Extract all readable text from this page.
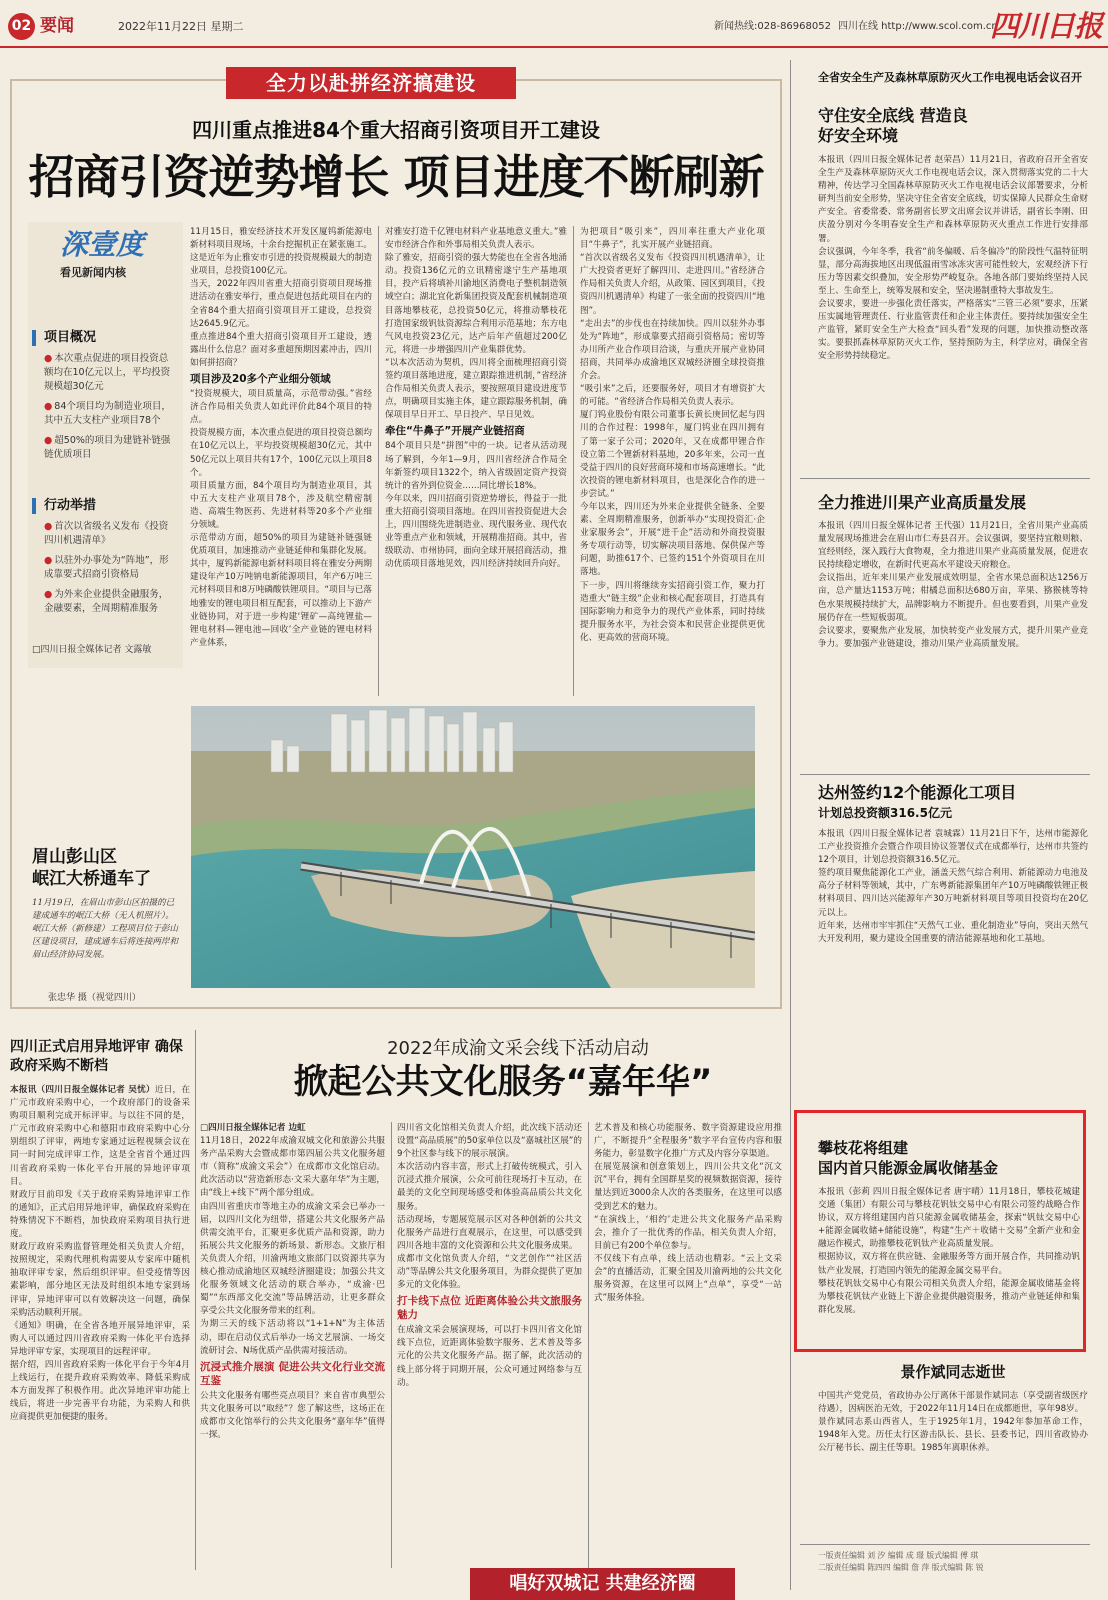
02 要闻	2022年11月22日 星期二	新闻热线:028-86968052 四川在线 http://www.scol.com.cn
四川日报
全力以赴拼经济搞建设
四川重点推进84个重大招商引资项目开工建设
招商引资逆势增长 项目进度不断刷新
深壹度
看见新闻内核
项目概况
● 本次重点促进的项目投资总额均在10亿元以上，平均投资规模超30亿元
● 84个项目均为制造业项目，其中五大支柱产业项目78个
● 超50%的项目为建链补链强链优质项目
行动举措
● 首次以省级名义发布《投资四川机遇清单》
● 以驻外办事处为“阵地”，形成靠要式招商引资格局
● 为外来企业提供金融服务，金融要素，全周期精准服务
□四川日报全媒体记者 文露敏
11月15日，雅安经济技术开发区厦钨新能源电新材料项目现场，十余台挖掘机正在紧张施工。这是近年为止雅安市引进的投资规模最大的制造业项目，总投资100亿元。
当天，2022年四川省重大招商引资项目现场推进活动在雅安举行，重点促进包括此项目在内的全省84个重大招商引资项目开工建设，总投资达2645.9亿元。
重点推进84个重大招商引资项目开工建设，透露出什么信息？面对多重超预期因素冲击，四川如何拼招商？
项目涉及20多个产业细分领域
“投资规模大，项目质量高，示范带动强。”省经济合作局相关负责人如此评价此84个项目的特点。
投资规模方面，本次重点促进的项目投资总额均在10亿元以上，平均投资规模超30亿元，其中50亿元以上项目共有17个，100亿元以上项目8个。
项目质量方面，84个项目均为制造业项目，其中五大支柱产业项目78个，涉及航空精密制造、高端生物医药、先进材料等20多个产业细分领域。
示范带动方面，超50%的项目为建链补链强链优质项目，加速推动产业链延伸和集群化发展。其中，厦钨新能源电新材料项目将在雅安分两期建设年产10万吨钠电新能源项目，年产6万吨三元材料项目和8万吨磷酸铁锂项目。“项目与已落地雅安的锂电项目相互配套，可以推动上下游产业链协同，对于进一步构建‘锂矿—高纯锂盐—锂电材料—锂电池—回收’全产业链的锂电材料产业体系，
对雅安打造千亿锂电材料产业基地意义重大。”雅安市经济合作和外事局相关负责人表示。
除了雅安，招商引资的强大势能也在全省各地涌动。投资136亿元的立讯精密遂宁生产基地项目，投产后将填补川渝地区消费电子整机制造领域空白；湖北宜化新集团投资及配套机械制造项目落地攀枝花，总投资50亿元，将推动攀枝花打造国家级钒钛资源综合利用示范基地；东方电气风电投资23亿元，达产后年产值超过200亿元，将进一步增强四川产业集群优势。
“以本次活动为契机，四川将全面梳理招商引资签约项目落地进度，建立跟踪推进机制，”省经济合作局相关负责人表示，要按照项目建设进度节点，明确项目实施主体，建立跟踪服务机制，确保项目早日开工、早日投产、早日见效。
牵住“牛鼻子”开展产业链招商
84个项目只是“拼图”中的一块。记者从活动现场了解到，今年1—9月，四川省经济合作局全年新签约项目1322个，纳入省级固定资产投资统计的省外到位资金……同比增长18%。
今年以来，四川招商引资逆势增长，得益于一批重大招商引资项目落地。在四川省投资促进大会上，四川围绕先进制造业、现代服务业、现代农业等重点产业和领域，开展精准招商。其中，省级联动、市州协同，面向全球开展招商活动，推动优质项目落地见效，四川经济持续回升向好。
为把项目“吸引来”，四川率往重大产业化项目“牛鼻子”，扎实开展产业链招商。
“首次以省级名义发布《投资四川机遇清单》，让广大投资者更好了解四川、走进四川。”省经济合作局相关负责人介绍，从政策、园区到项目，《投资四川机遇清单》构建了一张全面的投资四川“地图”。
“走出去”的步伐也在持续加快。四川以驻外办事处为“阵地”，形成靠要式招商引资格局；密切等办川所产业合作项目洽谈，与重庆开展产业协同招商，共同举办成渝地区双城经济圈全球投资推介会。
“吸引来”之后，还要服务好，项目才有增资扩大的可能。“省经济合作局相关负责人表示。
厦门钨业股份有限公司董事长黄长庚回忆起与四川的合作过程：1998年，厦门钨业在四川拥有了第一家子公司；2020年，又在成都甲锂合作设立第二个锂新材料基地，20多年来，公司一直受益于四川的良好营商环境和市场高速增长。“此次投资的锂电新材料项目，也是深化合作的进一步尝试。”
今年以来，四川还为外来企业提供全链条、全要素、全周期精准服务，创新举办“实现投资汇·企业家服务会”，开展“进千企”活动和外商投资服务专项行动等，切实解决项目落地、保供保产等问题，助推617个、已签约151个外资项目在川落地。
下一步，四川将继续夯实招商引资工作，聚力打造重大“链主级”企业和核心配套项目，打造具有国际影响力和竞争力的现代产业体系，同时持续提升服务水平，为社会资本和民营企业提供更优化、更高效的营商环境。
眉山彭山区
岷江大桥通车了
11月19日，在眉山市彭山区拍摄的已建成通车的岷江大桥（无人机照片）。岷江大桥（新修建）工程项目位于彭山区建设项目，建成通车后将连接两岸和眉山经济协同发展。
张忠华 摄（视觉四川）
四川正式启用异地评审 确保政府采购不断档
本报讯（四川日报全媒体记者 吴忧）近日，在广元市政府采购中心，一个政府部门的设备采购项目顺利完成开标评审。与以往不同的是，广元市政府采购中心和德阳市政府采购中心分别组织了评审，两地专家通过远程视频会议在同一时间完成评审工作，这是全省首个通过四川省政府采购一体化平台开展的异地评审项目。
财政厅目前印发《关于政府采购异地评审工作的通知》，正式启用异地评审，确保政府采购在特殊情况下不断档，加快政府采购项目执行进度。
财政厅政府采购监督管理处相关负责人介绍，按照规定，采购代理机构需要从专家库中随机抽取评审专家，然后组织评审。但受疫情等因素影响，部分地区无法及时组织本地专家到场评审，异地评审可以有效解决这一问题，确保采购活动顺利开展。
《通知》明确，在全省各地开展异地评审，采购人可以通过四川省政府采购一体化平台选择异地评审专家，实现项目的远程评审。
据介绍，四川省政府采购一体化平台于今年4月上线运行，在提升政府采购效率、降低采购成本方面发挥了积极作用。此次异地评审功能上线后，将进一步完善平台功能，为采购人和供应商提供更加便捷的服务。
2022年成渝文采会线下活动启动
掀起公共文化服务“嘉年华”
□四川日报全媒体记者 边虹
11月18日，2022年成渝双城文化和旅游公共服务产品采购大会暨成都市第四届公共文化服务超市（简称“成渝文采会”）在成都市文化馆启动。此次活动以“营造新形态·文采大嘉年华”为主题，由“线上+线下”两个部分组成。
由四川省重庆市等地主办的成渝文采会已举办一届，以四川文化为纽带，搭建公共文化服务产品供需交流平台，汇聚更多优质产品和资源，助力拓展公共文化服务的新场景、新形态。文旅厅相关负责人介绍，川渝两地文旅部门以资源共享为核心推动成渝地区双城经济圈建设；加强公共文化服务领域文化活动的联合举办，“成渝·巴蜀”“东西部文化交流”等品牌活动，让更多群众享受公共文化服务带来的红利。
为期三天的线下活动将以“1+1+N”为主体活动，即在启动仪式后举办一场文艺展演、一场交流研讨会、N场优质产品供需对接活动。
沉浸式推介展演 促进公共文化行业交流互鉴
公共文化服务有哪些亮点项目？来自省市典型公共文化服务可以“取经”？您了解这些，这场正在成都市文化馆举行的公共文化服务“嘉年华”值得一探。
四川省文化馆相关负责人介绍，此次线下活动还设置“高品质展”的50家单位以及“嘉城社区展”的9个社区参与线下的展示展演。
本次活动内容丰富，形式上打破传统模式，引入沉浸式推介展演，公众可前往现场打卡互动，在最美的文化空间现场感受和体验高品质公共文化服务。
活动现场，专题展览展示区对各种创新的公共文化服务产品进行直观展示，在这里，可以感受到四川各地丰富的文化资源和公共文化服务成果。
成都市文化馆负责人介绍，“文艺创作”“社区活动”等品牌公共文化服务项目，为群众提供了更加多元的文化体验。
打卡线下点位 近距离体验公共文旅服务魅力
在成渝文采会展演现场，可以打卡四川省文化馆线下点位，近距离体验数字服务、艺术普及等多元化的公共文化服务产品。据了解，此次活动的线上部分将于同期开展，公众可通过网络参与互动。
艺术普及和核心功能服务、数字资源建设应用推广，不断提升“全程服务”数字平台宣传内容和服务能力，彰显数字化推广方式及内容分享渠道。
在展览展演和创意策划上，四川公共文化“沉文沉”平台，拥有全国群星奖的视频数据资源，接待量达到近3000余人次的各类服务，在这里可以感受到艺术的魅力。
“在演线上，‘相约’走进公共文化服务产品采购会，推介了一批优秀的作品，相关负责人介绍，目前已有200个单位参与。
不仅线下有点单，线上活动也精彩。“云上文采会”的直播活动，汇聚全国及川渝两地的公共文化服务资源，在这里可以网上“点单”，享受“一站式”服务体验。
唱好双城记 共建经济圈
全省安全生产及森林草原防灭火工作电视电话会议召开
守住安全底线 营造良好安全环境
本报讯（四川日报全媒体记者 赵荣昌）11月21日，省政府召开全省安全生产及森林草原防灭火工作电视电话会议，深入贯彻落实党的二十大精神，传达学习全国森林草原防灭火工作电视电话会议部署要求，分析研判当前安全形势，坚决守住全省安全底线，切实保障人民群众生命财产安全。省委常委、常务副省长罗文出席会议并讲话，副省长李刚、田庆盈分别对今冬明春安全生产和森林草原防灭火重点工作进行安排部署。
会议强调，今年冬季，我省“前冬偏暖、后冬偏冷”的阶段性气温特征明显，部分高海拔地区出现低温雨雪冰冻灾害可能性较大，宏观经济下行压力等因素交织叠加，安全形势严峻复杂。各地各部门要始终坚持人民至上、生命至上，统筹发展和安全，坚决遏制重特大事故发生。
会议要求，要进一步强化责任落实，严格落实“三管三必须”要求，压紧压实属地管理责任、行业监管责任和企业主体责任。要持续加强安全生产监管，紧盯安全生产大检查“回头看”发现的问题，加快推动整改落实。要狠抓森林草原防灭火工作，坚持预防为主，科学应对，确保全省安全形势持续稳定。
全力推进川果产业高质量发展
本报讯（四川日报全媒体记者 王代强）11月21日，全省川果产业高质量发展现场推进会在眉山市仁寿县召开。会议强调，要坚持宜粮则粮、宜经则经，深入践行大食物观，全力推进川果产业高质量发展，促进农民持续稳定增收，在新时代更高水平建设天府粮仓。
会议指出，近年来川果产业发展成效明显，全省水果总面积达1256万亩，总产量达1153万吨；柑橘总面积达680万亩，苹果、猕猴桃等特色水果规模持续扩大，品牌影响力不断提升。但也要看到，川果产业发展仍存在一些短板弱项。
会议要求，要聚焦产业发展，加快转变产业发展方式，提升川果产业竞争力。要加强产业链建设，推动川果产业高质量发展。
达州签约12个能源化工项目
计划总投资额316.5亿元
本报讯（四川日报全媒体记者 袁城霖）11月21日下午，达州市能源化工产业投资推介会暨合作项目协议签署仪式在成都举行，达州市共签约12个项目，计划总投资额316.5亿元。
签约项目聚焦能源化工产业，涵盖天然气综合利用、新能源动力电池及高分子材料等领域，其中，广东粤新能源集团年产10万吨磷酸铁锂正极材料项目、四川达兴能源年产30万吨新材料项目等项目投资均在20亿元以上。
近年来，达州市牢牢抓住“天然气工业、重化制造业”导向，突出天然气大开发利用，聚力建设全国重要的清洁能源基地和化工基地。
攀枝花将组建
国内首只能源金属收储基金
本报讯（彭莉 四川日报全媒体记者 唐宇晴）11月18日，攀枝花城建交通（集团）有限公司与攀枝花钒钛交易中心有限公司签约战略合作协议，双方将组建国内首只能源金属收储基金，探索“钒钛交易中心+能源金属收储+储能设施”，构建“生产＋收储＋交易”全新产业和金融运作模式，助推攀枝花钒钛产业高质量发展。
根据协议，双方将在供应链、金融服务等方面开展合作，共同推动钒钛产业发展，打造国内领先的能源金属交易平台。
攀枝花钒钛交易中心有限公司相关负责人介绍，能源金属收储基金将为攀枝花钒钛产业链上下游企业提供融资服务，推动产业链延伸和集群化发展。
景作斌同志逝世
中国共产党党员，省政协办公厅离休干部景作斌同志（享受副省级医疗待遇），因病医治无效，于2022年11月14日在成都逝世，享年98岁。
景作斌同志系山西省人，生于1925年1月，1942年参加革命工作，1948年入党。历任太行区游击队长、县长、县委书记，四川省政协办公厅秘书长、副主任等职。1985年离职休养。
一版责任编辑 刘 汐 编辑 成 璟 版式编辑 傅 琪
二版责任编辑 陈四四 编辑 詹 萍 版式编辑 陈 锐
